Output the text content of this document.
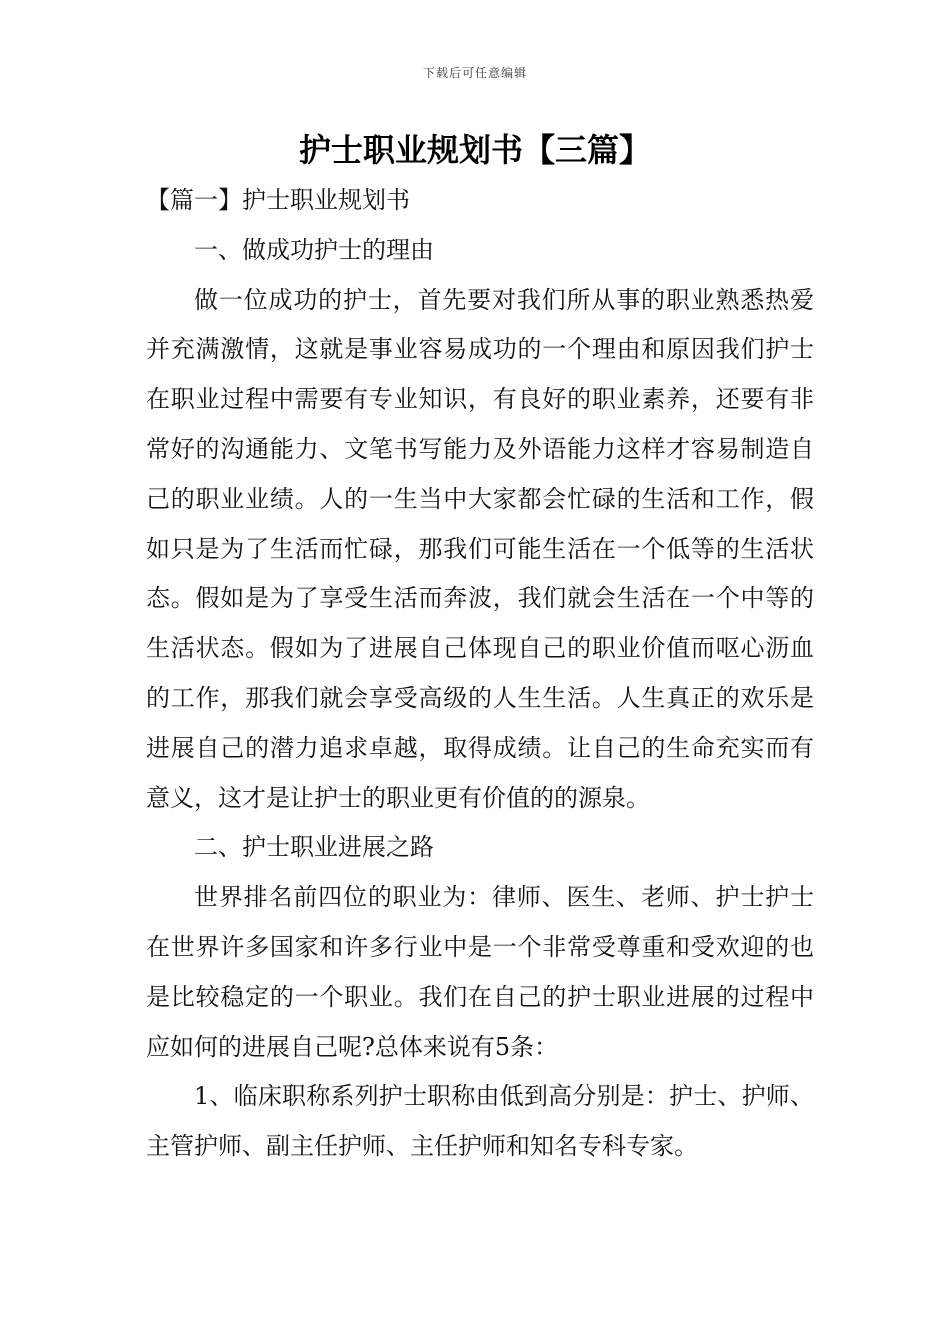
下载后可任意编辑
护士职业规划书【三篇】

【篇一】护士职业规划书

一、做成功护士的理由

做一位成功的护士，首先要对我们所从事的职业熟悉热爱并充满激情，这就是事业容易成功的一个理由和原因我们护士在职业过程中需要有专业知识，有良好的职业素养，还要有非常好的沟通能力、文笔书写能力及外语能力这样才容易制造自己的职业业绩。人的一生当中大家都会忙碌的生活和工作，假如只是为了生活而忙碌，那我们可能生活在一个低等的生活状态。假如是为了享受生活而奔波，我们就会生活在一个中等的生活状态。假如为了进展自己体现自己的职业价值而呕心沥血的工作，那我们就会享受高级的人生生活。人生真正的欢乐是进展自己的潜力追求卓越，取得成绩。让自己的生命充实而有意义，这才是让护士的职业更有价值的的源泉。

二、护士职业进展之路

世界排名前四位的职业为：律师、医生、老师、护士护士在世界许多国家和许多行业中是一个非常受尊重和受欢迎的也是比较稳定的一个职业。我们在自己的护士职业进展的过程中应如何的进展自己呢?总体来说有5条：

1、临床职称系列护士职称由低到高分别是：护士、护师、主管护师、副主任护师、主任护师和知名专科专家。
